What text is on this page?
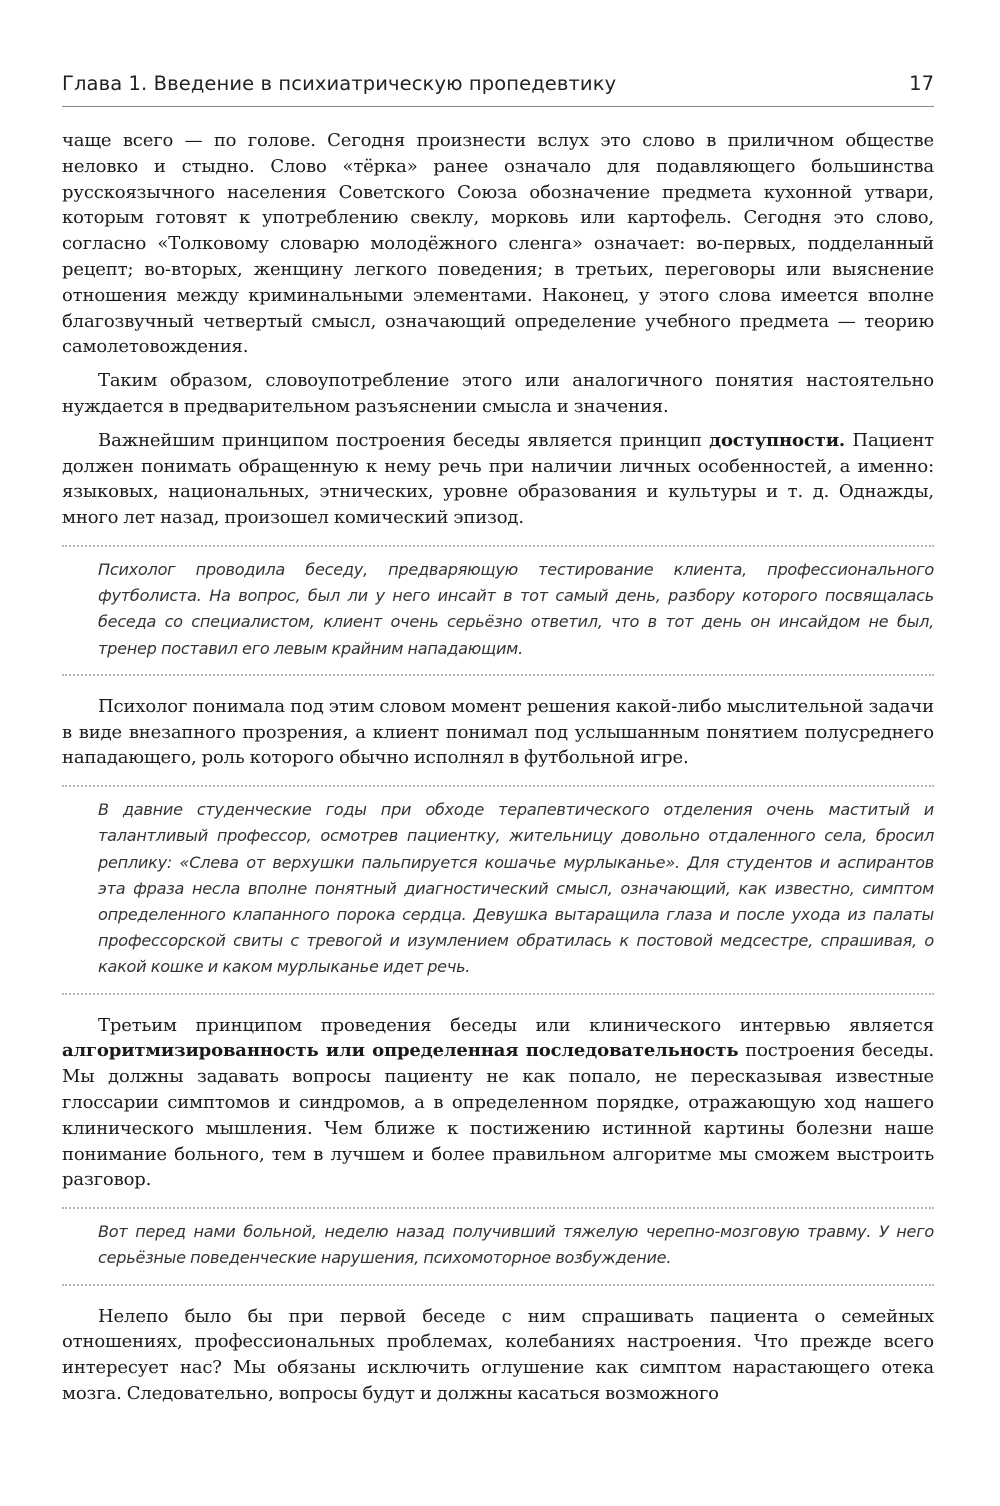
Глава 1. Введение в психиатрическую пропедевтику	17

чаще всего — по голове. Сегодня произнести вслух это слово в приличном обществе неловко и стыдно. Слово «тёрка» ранее означало для подавляющего большинства русскоязычного населения Советского Союза обозначение предмета кухонной утвари, которым готовят к употреблению свеклу, морковь или картофель. Сегодня это слово, согласно «Толковому словарю молодёжного сленга» означает: во-первых, подделанный рецепт; во-вторых, женщину легкого поведения; в третьих, переговоры или выяснение отношения между криминальными элементами. Наконец, у этого слова имеется вполне благозвучный четвертый смысл, означающий определение учебного предмета — теорию самолетовождения.

Таким образом, словоупотребление этого или аналогичного понятия настоятельно нуждается в предварительном разъяснении смысла и значения.

Важнейшим принципом построения беседы является принцип доступности. Пациент должен понимать обращенную к нему речь при наличии личных особенностей, а именно: языковых, национальных, этнических, уровне образования и культуры и т. д. Однажды, много лет назад, произошел комический эпизод.

Психолог проводила беседу, предваряющую тестирование клиента, профессионального футболиста. На вопрос, был ли у него инсайт в тот самый день, разбору которого посвящалась беседа со специалистом, клиент очень серьёзно ответил, что в тот день он инсайдом не был, тренер поставил его левым крайним нападающим.

Психолог понимала под этим словом момент решения какой-либо мыслительной задачи в виде внезапного прозрения, а клиент понимал под услышанным понятием полусреднего нападающего, роль которого обычно исполнял в футбольной игре.

В давние студенческие годы при обходе терапевтического отделения очень маститый и талантливый профессор, осмотрев пациентку, жительницу довольно отдаленного села, бросил реплику: «Слева от верхушки пальпируется кошачье мурлыканье». Для студентов и аспирантов эта фраза несла вполне понятный диагностический смысл, означающий, как известно, симптом определенного клапанного порока сердца. Девушка вытаращила глаза и после ухода из палаты профессорской свиты с тревогой и изумлением обратилась к постовой медсестре, спрашивая, о какой кошке и каком мурлыканье идет речь.

Третьим принципом проведения беседы или клинического интервью является алгоритмизированность или определенная последовательность построения беседы. Мы должны задавать вопросы пациенту не как попало, не пересказывая известные глоссарии симптомов и синдромов, а в определенном порядке, отражающую ход нашего клинического мышления. Чем ближе к постижению истинной картины болезни наше понимание больного, тем в лучшем и более правильном алгоритме мы сможем выстроить разговор.

Вот перед нами больной, неделю назад получивший тяжелую черепно-мозговую травму. У него серьёзные поведенческие нарушения, психомоторное возбуждение.

Нелепо было бы при первой беседе с ним спрашивать пациента о семейных отношениях, профессиональных проблемах, колебаниях настроения. Что прежде всего интересует нас? Мы обязаны исключить оглушение как симптом нарастающего отека мозга. Следовательно, вопросы будут и должны касаться возможного
